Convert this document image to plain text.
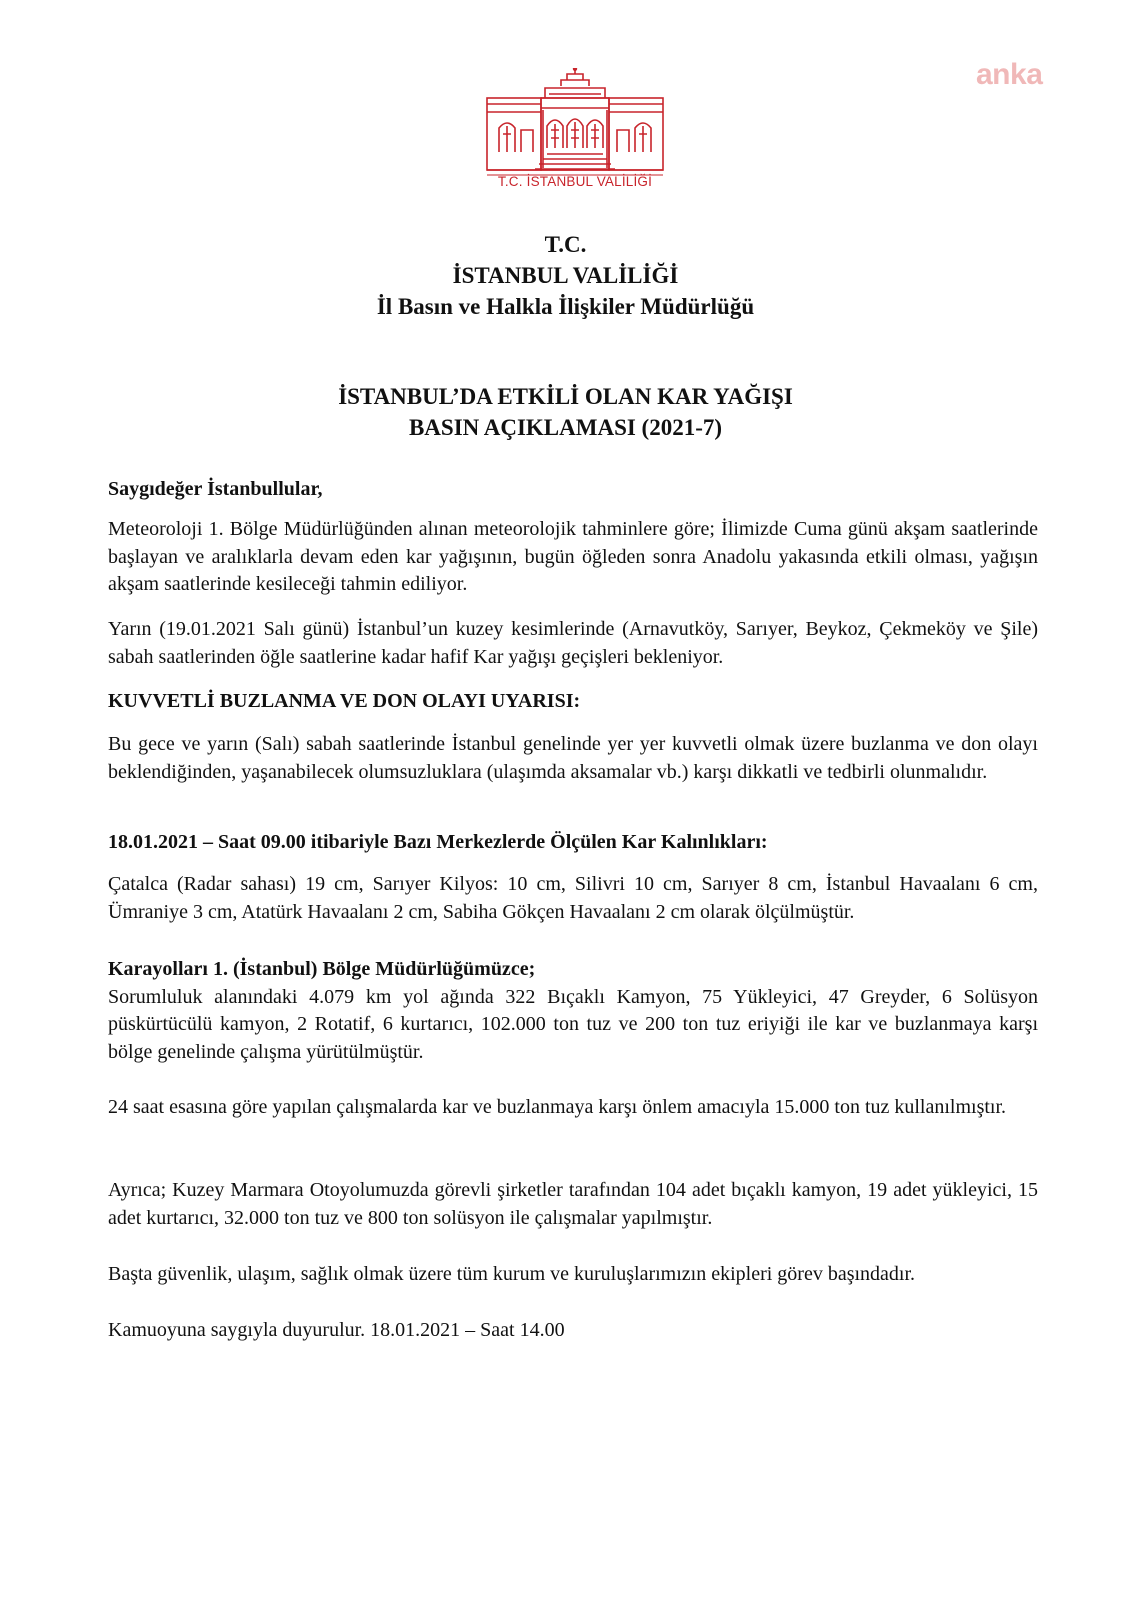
anka
T.C. İSTANBUL VALİLİĞİ
T.C.
İSTANBUL VALİLİĞİ
İl Basın ve Halkla İlişkiler Müdürlüğü
İSTANBUL’DA ETKİLİ OLAN KAR YAĞIŞI
BASIN AÇIKLAMASI (2021-7)

Saygıdeğer İstanbullular,

Meteoroloji 1. Bölge Müdürlüğünden alınan meteorolojik tahminlere göre; İlimizde Cuma günü akşam saatlerinde başlayan ve aralıklarla devam eden kar yağışının, bugün öğleden sonra Anadolu yakasında etkili olması, yağışın akşam saatlerinde kesileceği tahmin ediliyor.

Yarın (19.01.2021 Salı günü) İstanbul’un kuzey kesimlerinde (Arnavutköy, Sarıyer, Beykoz, Çekmeköy ve Şile) sabah saatlerinden öğle saatlerine kadar hafif Kar yağışı geçişleri bekleniyor.

KUVVETLİ BUZLANMA VE DON OLAYI UYARISI:

Bu gece ve yarın (Salı) sabah saatlerinde İstanbul genelinde yer yer kuvvetli olmak üzere buzlanma ve don olayı beklendiğinden, yaşanabilecek olumsuzluklara (ulaşımda aksamalar vb.) karşı dikkatli ve tedbirli olunmalıdır.

18.01.2021 – Saat 09.00 itibariyle Bazı Merkezlerde Ölçülen Kar Kalınlıkları:

Çatalca (Radar sahası) 19 cm, Sarıyer Kilyos: 10 cm, Silivri 10 cm, Sarıyer 8 cm, İstanbul Havaalanı 6 cm, Ümraniye 3 cm, Atatürk Havaalanı 2 cm, Sabiha Gökçen Havaalanı 2 cm olarak ölçülmüştür.

Karayolları 1. (İstanbul) Bölge Müdürlüğümüzce;

Sorumluluk alanındaki 4.079 km yol ağında 322 Bıçaklı Kamyon, 75 Yükleyici, 47 Greyder, 6 Solüsyon püskürtücülü kamyon, 2 Rotatif, 6 kurtarıcı, 102.000 ton tuz ve 200 ton tuz eriyiği ile kar ve buzlanmaya karşı bölge genelinde çalışma yürütülmüştür.

24 saat esasına göre yapılan çalışmalarda kar ve buzlanmaya karşı önlem amacıyla 15.000 ton tuz kullanılmıştır.

Ayrıca; Kuzey Marmara Otoyolumuzda görevli şirketler tarafından 104 adet bıçaklı kamyon, 19 adet yükleyici, 15 adet kurtarıcı, 32.000 ton tuz ve 800 ton solüsyon ile çalışmalar yapılmıştır.

Başta güvenlik, ulaşım, sağlık olmak üzere tüm kurum ve kuruluşlarımızın ekipleri görev başındadır.

Kamuoyuna saygıyla duyurulur. 18.01.2021 – Saat 14.00
